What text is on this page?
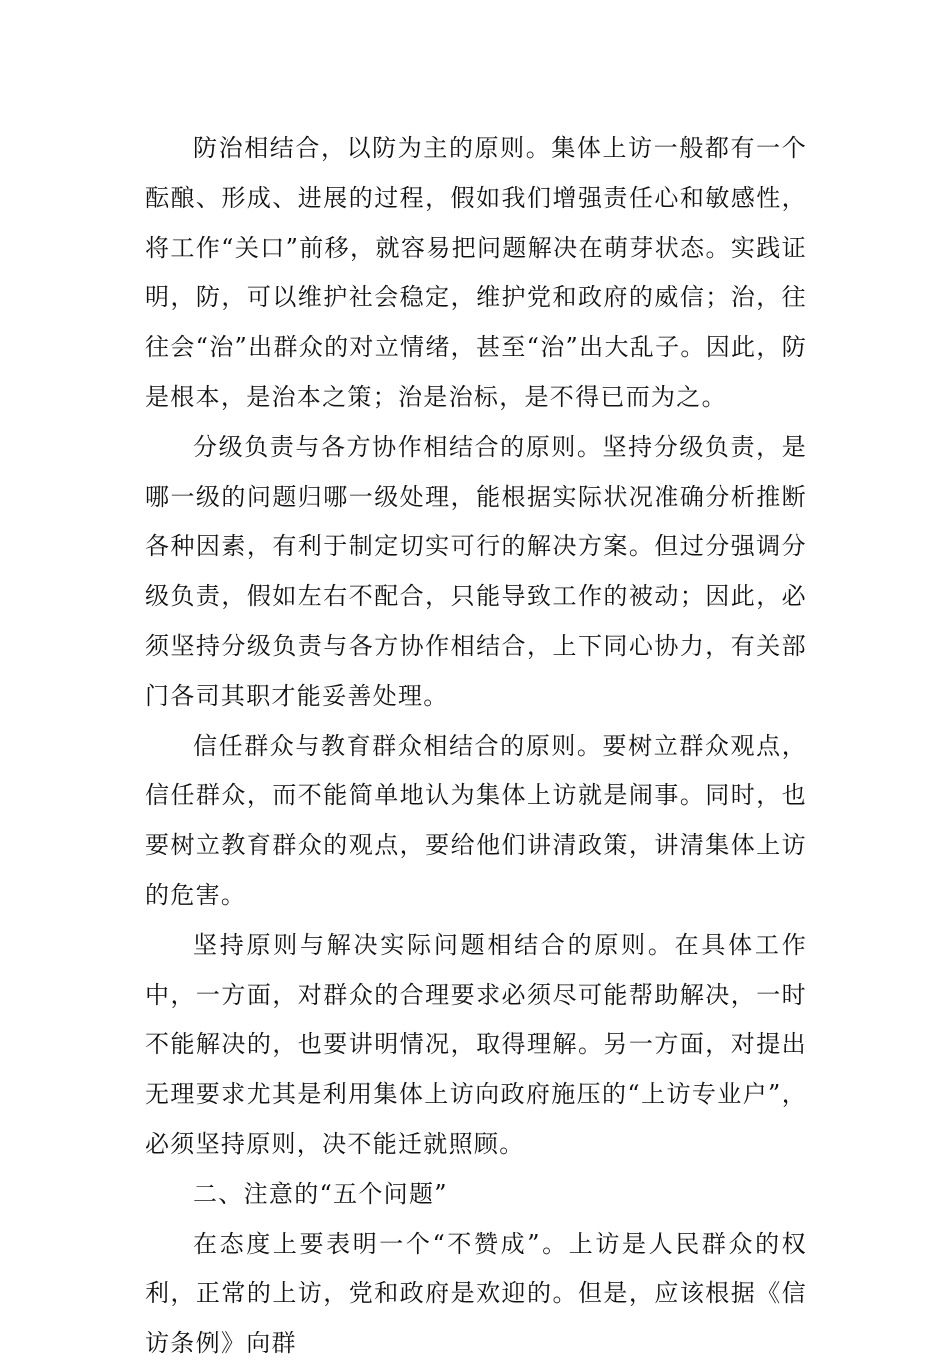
防治相结合，以防为主的原则。集体上访一般都有一个酝酿、形成、进展的过程，假如我们增强责任心和敏感性，将工作“关口”前移，就容易把问题解决在萌芽状态。实践证明，防，可以维护社会稳定，维护党和政府的威信；治，往往会“治”出群众的对立情绪，甚至“治”出大乱子。因此，防是根本，是治本之策；治是治标，是不得已而为之。

分级负责与各方协作相结合的原则。坚持分级负责，是哪一级的问题归哪一级处理，能根据实际状况准确分析推断各种因素，有利于制定切实可行的解决方案。但过分强调分级负责，假如左右不配合，只能导致工作的被动；因此，必须坚持分级负责与各方协作相结合，上下同心协力，有关部门各司其职才能妥善处理。

信任群众与教育群众相结合的原则。要树立群众观点，信任群众，而不能简单地认为集体上访就是闹事。同时，也要树立教育群众的观点，要给他们讲清政策，讲清集体上访的危害。

坚持原则与解决实际问题相结合的原则。在具体工作中，一方面，对群众的合理要求必须尽可能帮助解决，一时不能解决的，也要讲明情况，取得理解。另一方面，对提出无理要求尤其是利用集体上访向政府施压的“上访专业户”，必须坚持原则，决不能迁就照顾。

二、注意的“五个问题”

在态度上要表明一个“不赞成”。上访是人民群众的权利，正常的上访，党和政府是欢迎的。但是，应该根据《信访条例》向群
